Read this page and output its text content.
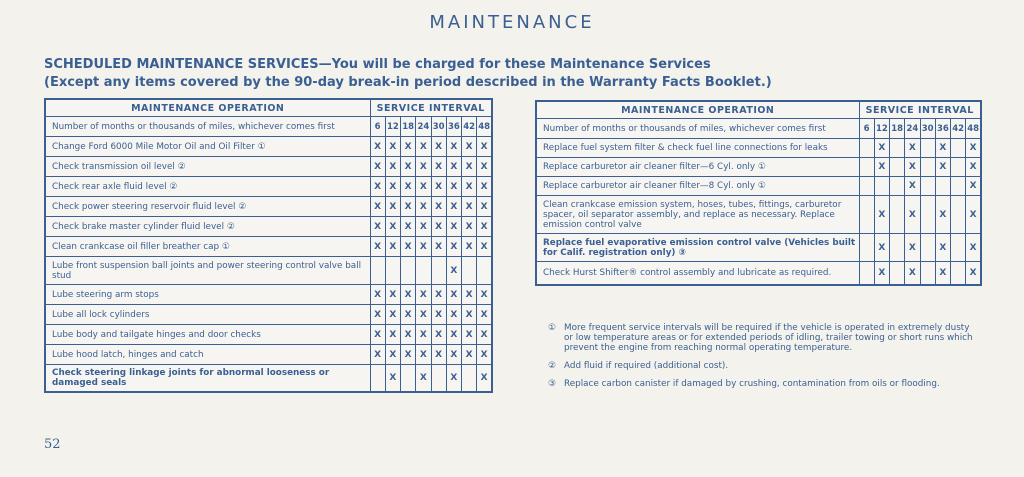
MAINTENANCE
SCHEDULED MAINTENANCE SERVICES—You will be charged for these Maintenance Services
(Except any items covered by the 90-day break-in period described in the Warranty Facts Booklet.)
MAINTENANCE OPERATION	SERVICE INTERVAL							
Number of months or thousands of miles, whichever comes first	6	12	18	24	30	36	42	48
Change Ford 6000 Mile Motor Oil and Oil Filter ①	X	X	X	X	X	X	X	X
Check transmission oil level ②	X	X	X	X	X	X	X	X
Check rear axle fluid level ②	X	X	X	X	X	X	X	X
Check power steering reservoir fluid level ②	X	X	X	X	X	X	X	X
Check brake master cylinder fluid level ②	X	X	X	X	X	X	X	X
Clean crankcase oil filler breather cap ①	X	X	X	X	X	X	X	X
Lube front suspension ball joints and power steering control valve ball stud						X		
Lube steering arm stops	X	X	X	X	X	X	X	X
Lube all lock cylinders	X	X	X	X	X	X	X	X
Lube body and tailgate hinges and door checks	X	X	X	X	X	X	X	X
Lube hood latch, hinges and catch	X	X	X	X	X	X	X	X
Check steering linkage joints for abnormal looseness or damaged seals		X		X		X		X
MAINTENANCE OPERATION	SERVICE INTERVAL							
Number of months or thousands of miles, whichever comes first	6	12	18	24	30	36	42	48
Replace fuel system filter & check fuel line connections for leaks		X		X		X		X
Replace carburetor air cleaner filter—6 Cyl. only ①		X		X		X		X
Replace carburetor air cleaner filter—8 Cyl. only ①				X				X
Clean crankcase emission system, hoses, tubes, fittings, carburetor spacer, oil separator assembly, and replace as necessary. Replace emission control valve		X		X		X		X
Replace fuel evaporative emission control valve (Vehicles built for Calif. registration only) ③		X		X		X		X
Check Hurst Shifter® control assembly and lubricate as required.		X		X		X		X
① More frequent service intervals will be required if the vehicle is operated in extremely dusty or low temperature areas or for extended periods of idling, trailer towing or short runs which prevent the engine from reaching normal operating temperature.
② Add fluid if required (additional cost).
③ Replace carbon canister if damaged by crushing, contamination from oils or flooding.
52
